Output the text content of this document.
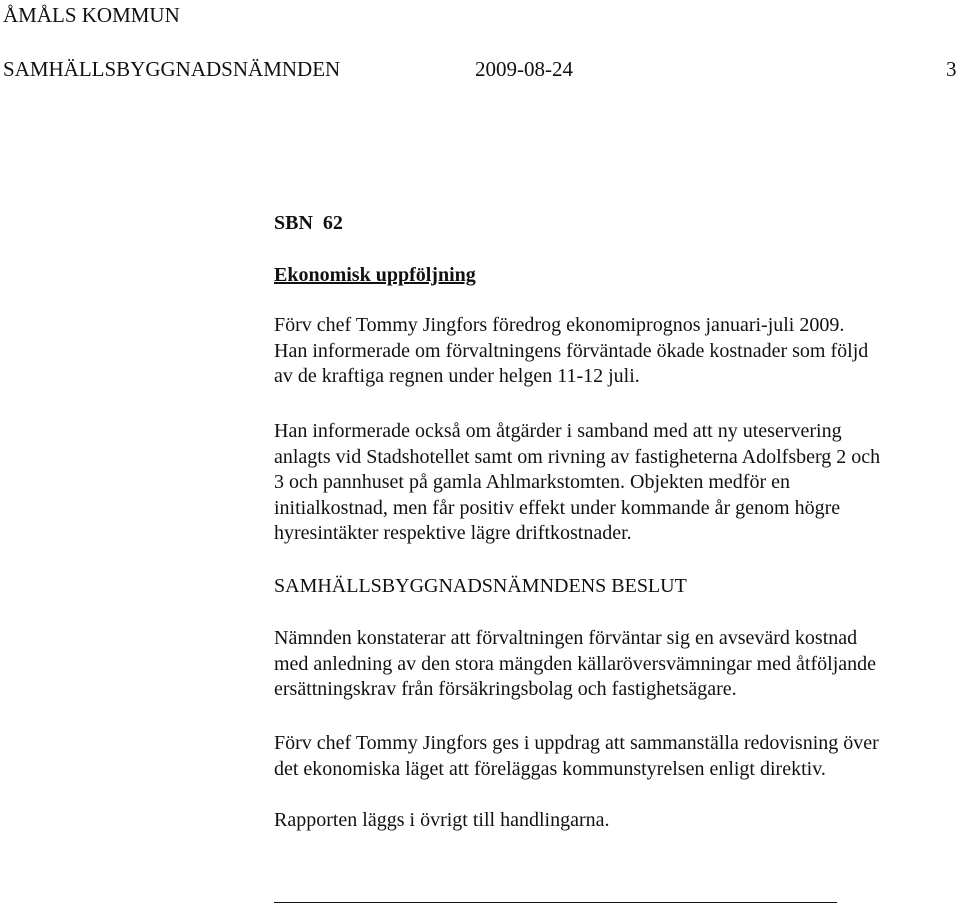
ÅMÅLS KOMMUN
SAMHÄLLSBYGGNADSNÄMNDEN	2009-08-24	3
SBN  62
Ekonomisk uppföljning

Förv chef Tommy Jingfors föredrog ekonomiprognos januari-juli 2009.

Han informerade om förvaltningens förväntade ökade kostnader som följd

av de kraftiga regnen under helgen 11-12 juli.

Han informerade också om åtgärder i samband med att ny uteservering

anlagts vid Stadshotellet samt om rivning av fastigheterna Adolfsberg 2 och

3 och pannhuset på gamla Ahlmarkstomten. Objekten medför en

initialkostnad, men får positiv effekt under kommande år genom högre

hyresintäkter respektive lägre driftkostnader.

SAMHÄLLSBYGGNADSNÄMNDENS BESLUT

Nämnden konstaterar att förvaltningen förväntar sig en avsevärd kostnad

med anledning av den stora mängden källaröversvämningar med åtföljande

ersättningskrav från försäkringsbolag och fastighetsägare.

Förv chef Tommy Jingfors ges i uppdrag att sammanställa redovisning över

det ekonomiska läget att föreläggas kommunstyrelsen enligt direktiv.

Rapporten läggs i övrigt till handlingarna.
